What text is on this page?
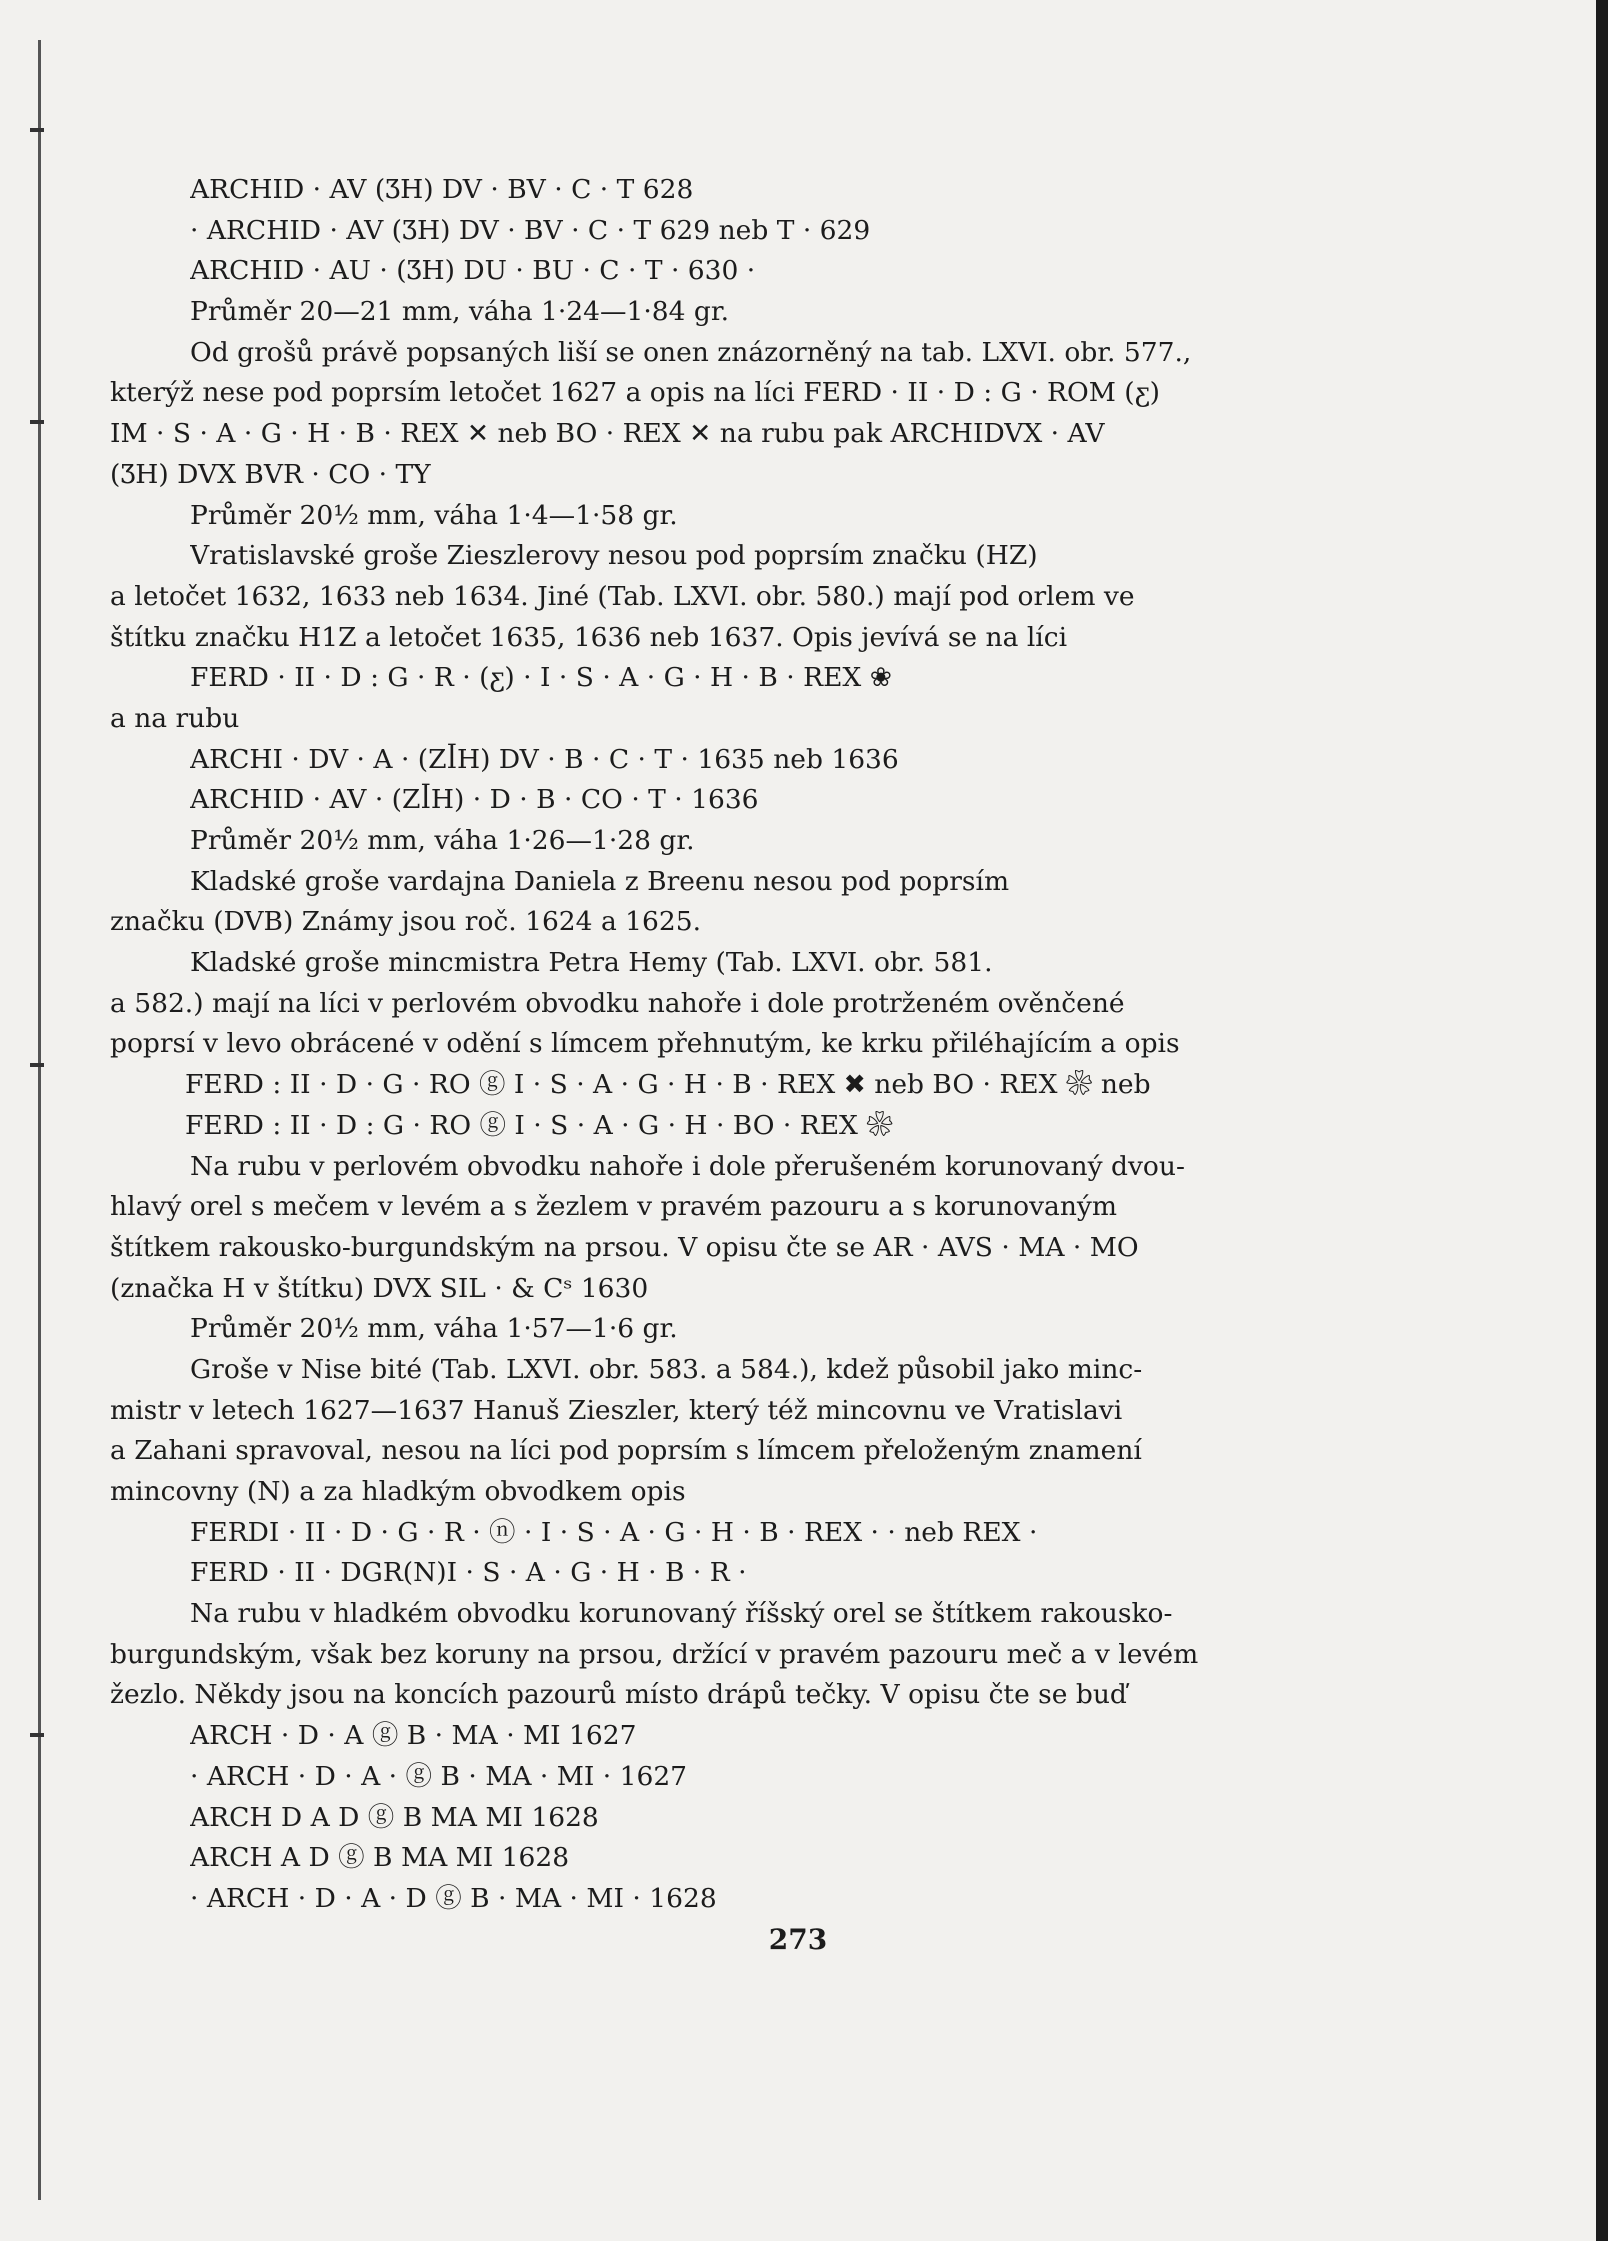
ARCHID · AV (ƷH) DV · BV · C · T 628
· ARCHID · AV (ƷH) DV · BV · C · T 629 neb T · 629
ARCHID · AU · (ƷH) DU · BU · C · T · 630 ·
Průměr 20—21 mm, váha 1·24—1·84 gr.
Od grošů právě popsaných liší se onen znázorněný na tab. LXVI. obr. 577.,
kterýž nese pod poprsím letočet 1627 a opis na líci FERD · II · D : G · ROM (ƹ)
IM · S · A · G · H · B · REX ✕ neb BO · REX ✕ na rubu pak ARCHIDVX · AV
(ƷH) DVX BVR · CO · TY
Průměr 20½ mm, váha 1·4—1·58 gr.
Vratislavské groše Zieszlerovy nesou pod poprsím značku (HZ)
a letočet 1632, 1633 neb 1634. Jiné (Tab. LXVI. obr. 580.) mají pod orlem ve
štítku značku H1Z a letočet 1635, 1636 neb 1637. Opis jevívá se na líci
FERD · II · D : G · R · (ƹ) · I · S · A · G · H · B · REX ❀
a na rubu
ARCHI · DV · A · (ZꟾH) DV · B · C · T · 1635 neb 1636
ARCHID · AV · (ZꟾH) · D · B · CO · T · 1636
Průměr 20½ mm, váha 1·26—1·28 gr.
Kladské groše vardajna Daniela z Breenu nesou pod poprsím
značku (DVB) Známy jsou roč. 1624 a 1625.
Kladské groše mincmistra Petra Hemy (Tab. LXVI. obr. 581.
a 582.) mají na líci v perlovém obvodku nahoře i dole protrženém ověnčené
poprsí v levo obrácené v odění s límcem přehnutým, ke krku přiléhajícím a opis
FERD : II · D · G · RO ⓖ I · S · A · G · H · B · REX ✖ neb BO · REX ❀ neb
FERD : II · D : G · RO ⓖ I · S · A · G · H · BO · REX ❀
Na rubu v perlovém obvodku nahoře i dole přerušeném korunovaný dvou-
hlavý orel s mečem v levém a s žezlem v pravém pazouru a s korunovaným
štítkem rakousko-burgundským na prsou. V opisu čte se AR · AVS · MA · MO
(značka H v štítku) DVX SIL · & Cˢ 1630
Průměr 20½ mm, váha 1·57—1·6 gr.
Groše v Nise bité (Tab. LXVI. obr. 583. a 584.), kdež působil jako minc-
mistr v letech 1627—1637 Hanuš Zieszler, který též mincovnu ve Vratislavi
a Zahani spravoval, nesou na líci pod poprsím s límcem přeloženým znamení
mincovny (N) a za hladkým obvodkem opis
FERDI · II · D · G · R · ⓝ · I · S · A · G · H · B · REX · · neb REX ·
FERD · II · DGR(N)I · S · A · G · H · B · R ·
Na rubu v hladkém obvodku korunovaný říšský orel se štítkem rakousko-
burgundským, však bez koruny na prsou, držící v pravém pazouru meč a v levém
žezlo. Někdy jsou na koncích pazourů místo drápů tečky. V opisu čte se buď
ARCH · D · A ⓖ B · MA · MI 1627
· ARCH · D · A · ⓖ B · MA · MI · 1627
ARCH D A D ⓖ B MA MI 1628
ARCH A D ⓖ B MA MI 1628
· ARCH · D · A · D ⓖ B · MA · MI · 1628
273
